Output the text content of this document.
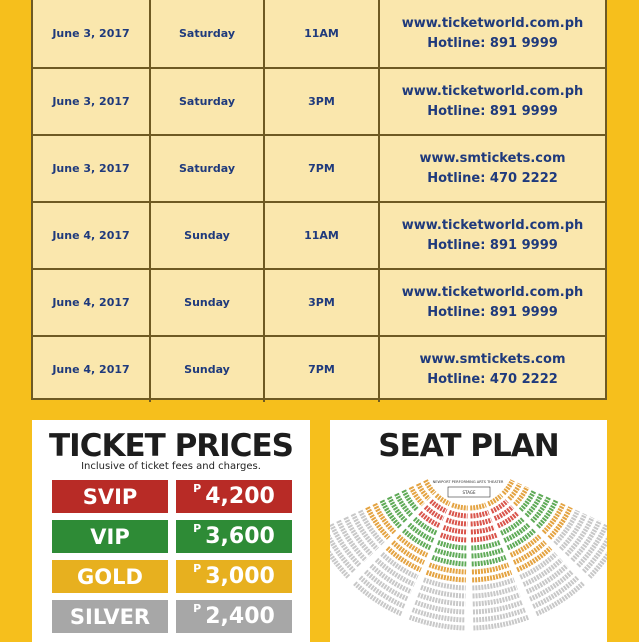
June 3, 2017	Saturday	11AM
www.ticketworld.com.ph
Hotline: 891 9999
June 3, 2017	Saturday	3PM
www.ticketworld.com.ph
Hotline: 891 9999
June 3, 2017	Saturday	7PM
www.smtickets.com
Hotline: 470 2222
June 4, 2017	Sunday	11AM
www.ticketworld.com.ph
Hotline: 891 9999
June 4, 2017	Sunday	3PM
www.ticketworld.com.ph
Hotline: 891 9999
June 4, 2017	Sunday	7PM
www.smtickets.com
Hotline: 470 2222
TICKET PRICES
Inclusive of ticket fees and charges.
SVIP	P 4,200
VIP	P 3,600
GOLD	P 3,000
SILVER	P 2,400
SEAT PLAN
NEWPORT PERFORMING ARTS THEATER
STAGE
